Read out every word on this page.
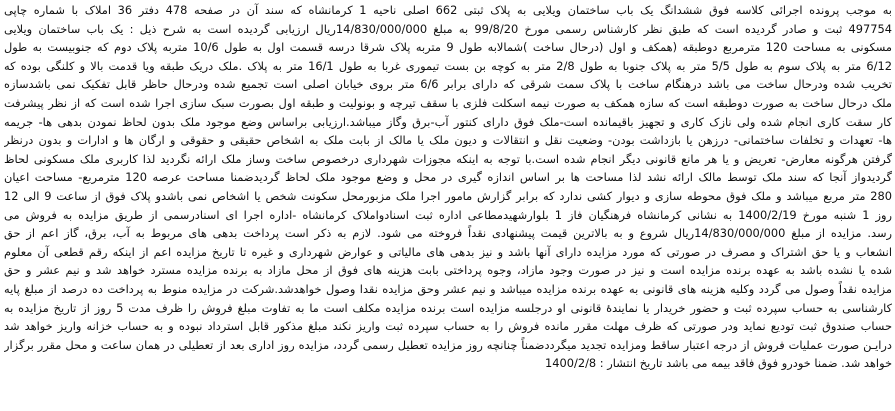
به موجب پرونده اجرائی کلاسه فوق ششدانگ یک باب ساختمان ویلایی به پلاک ثبتی 662 اصلی ناحیه 1 کرمانشاه که سند آن در صفحه 478 دفتر 36 املاک با شماره چاپی
497754 ثبت و صادر گردیده است که طبق نظر کارشناس رسمی مورخ 99/8/20 به مبلغ 14/830/000/000ریال ارزیابی گردیده است به شرح ذیل : یک باب ساختمان ویلایی
مسکونی به مساحت 120 مترمربع دوطبقه (همکف و اول (درحال ساخت )شمالابه طول 9 متربه پلاک شرقا درسه قسمت اول به طول 10/6 متربه پلاک دوم که جنوبیست به طول
6/12 متر به پلاک سوم به طول 5/5 متر به پلاک جنوبا به طول 2/8 متر به کوچه بن بست تیموری غربا به طول 16/1 متر به پلاک .ملک دریک طبقه ویا قدمت بالا و کلنگی بوده که
تخریب شده ودرحال ساخت می باشد درهنگام ساخت با پلاک سمت شرقی که دارای برابر 6/6 متر بروی خیابان اصلی است تجمیع شده ودرحال حاظر قابل تفکیک نمی باشدسازه
ملک درحال ساخت به صورت دوطبقه است که سازه همکف به صورت نیمه اسکلت فلزی با سقف تیرچه و بونولیت و طبقه اول بصورت سبک سازی اجرا شده است که از نظر پیشرفت
کار سقت کاری انجام شده ولی نازک کاری و تجهیز باقیمانده است-ملک فوق دارای کنتور آب-برق وگاز میباشد.ارزیابی براساس وضع موجود ملک بدون لحاظ نمودن بدهی ها- جریمه
ها- تعهدات و تخلفات ساختمانی- درزهن یا بازداشت بودن- وضعیت نقل و انتقالات و دیون ملک یا مالک از بابت ملک به اشخاص حقیقی و حقوقی و ارگان ها و ادارات و بدون درنظر
گرفتن هرگونه معارض- تعریض و یا هر مانع قانونی دیگر انجام شده است.با توجه به اینکه مجوزات شهرداری درخصوص ساخت وساز ملک ارائه نگردید لذا کاربری ملک مسکونی لحاظ
گردیدواز آنجا که سند ملک توسط مالک ارائه نشد لذا مساحت ها بر اساس اندازه گیری در محل و وضع موجود ملک لحاظ گردیدضمنا مساحت عرصه 120 مترمربع- مساحت اعیان
280 متر مربع میباشد و ملک فوق محوطه سازی و دیوار کشی ندارد که برابر گزارش مامور اجرا ملک مزبورمحل سکونت شخص یا اشخاص نمی باشدو پلاک فوق از ساعت 9 الی 12
روز 1 شنبه مورخ 1400/2/19 به نشانی کرمانشاه فرهنگیان فاز 1 بلوارشهیدمطاعی اداره ثبت اسنادواملاک کرمانشاه -اداره اجرا ای اسنادرسمی از طریق مزایده به فروش می
رسد. مزایده از مبلغ 14/830/000/000ریال شروع و به بالاترین قیمت پیشنهادی نقداً فروخته می شود. لازم به ذکر است پرداخت بدهی های مربوط به آب، برق، گاز اعم از حق
انشعاب و یا حق اشتراک و مصرف در صورتی که مورد مزایده دارای آنها باشد و نیز بدهی های مالیاتی و عوارض شهرداری و غیره تا تاریخ مزایده اعم از اینکه رقم قطعی آن معلوم
شده یا نشده باشد به عهده برنده مزایده است و نیز در صورت وجود مازاد، وجوه پرداختی بابت هزینه های فوق از محل مازاد به برنده مزایده مسترد خواهد شد و نیم عشر و حق
مزایده نقداً وصول می گردد وکلیه هزینه های قانونی به عهده برنده مزایده میباشد و نیم عشر وحق مزایده نقدا وصول خواهدشد.شرکت در مزایده منوط به پرداخت ده درصد از مبلغ پایه
کارشناسی به حساب سپرده ثبت و حضور خریدار یا نمایندۀ قانونی او درجلسه مزایده است برنده مزایده مکلف است ما به تفاوت مبلغ فروش را ظرف مدت 5 روز از تاریخ مزایده به
حساب صندوق ثبت تودیع نماید ودر صورتی که ظرف مهلت مقرر مانده فروش را به حساب سپرده ثبت واریز نکند مبلغ مذکور قابل استرداد نبوده و به حساب خزانه واریز خواهد شد
درایـن صورت عملیات فروش از درجه اعتبار ساقط ومزایده تجدید میگرددضمناً چنانچه روز مزایده تعطیل رسمی گردد، مزایده روز اداری بعد از تعطیلی در همان ساعت و محل مقرر برگزار
خواهد شد. ضمنا خودرو فوق فاقد بیمه می باشد تاریخ انتشار : 1400/2/8
